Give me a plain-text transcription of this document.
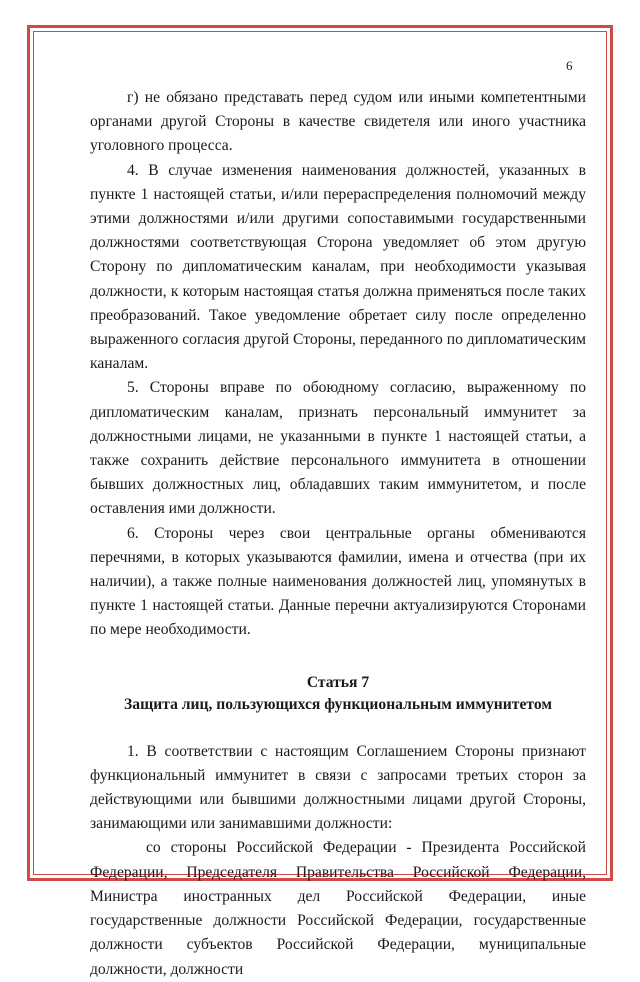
6

г) не обязано представать перед судом или иными компетентными органами другой Стороны в качестве свидетеля или иного участника уголовного процесса.

4. В случае изменения наименования должностей, указанных в пункте 1 настоящей статьи, и/или перераспределения полномочий между этими должностями и/или другими сопоставимыми государственными должностями соответствующая Сторона уведомляет об этом другую Сторону по дипломатическим каналам, при необходимости указывая должности, к которым настоящая статья должна применяться после таких преобразований. Такое уведомление обретает силу после определенно выраженного согласия другой Стороны, переданного по дипломатическим каналам.

5. Стороны вправе по обоюдному согласию, выраженному по дипломатическим каналам, признать персональный иммунитет за должностными лицами, не указанными в пункте 1 настоящей статьи, а также сохранить действие персонального иммунитета в отношении бывших должностных лиц, обладавших таким иммунитетом, и после оставления ими должности.

6. Стороны через свои центральные органы обмениваются перечнями, в которых указываются фамилии, имена и отчества (при их наличии), а также полные наименования должностей лиц, упомянутых в пункте 1 настоящей статьи. Данные перечни актуализируются Сторонами по мере необходимости.

Статья 7
Защита лиц, пользующихся функциональным иммунитетом

1. В соответствии с настоящим Соглашением Стороны признают функциональный иммунитет в связи с запросами третьих сторон за действующими или бывшими должностными лицами другой Стороны, занимающими или занимавшими должности:

со стороны Российской Федерации - Президента Российской Федерации, Председателя Правительства Российской Федерации, Министра иностранных дел Российской Федерации, иные государственные должности Российской Федерации, государственные должности субъектов Российской Федерации, муниципальные должности, должности
